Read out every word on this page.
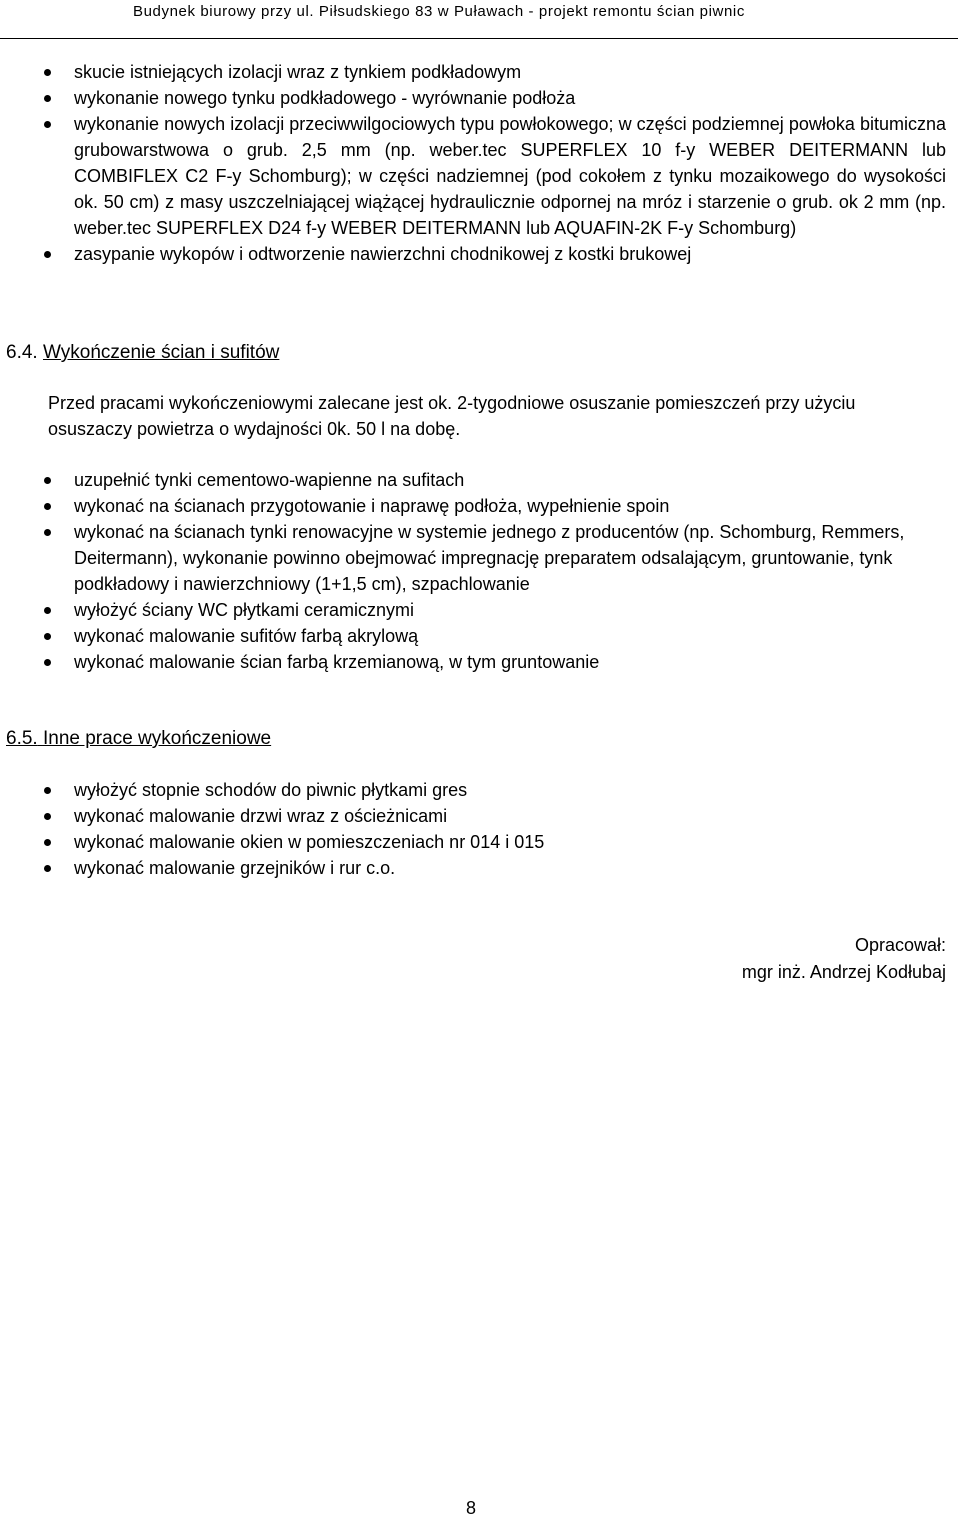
Budynek biurowy przy ul. Piłsudskiego 83 w Puławach - projekt remontu ścian piwnic
skucie istniejących izolacji wraz z tynkiem podkładowym
wykonanie nowego tynku podkładowego - wyrównanie podłoża
wykonanie nowych izolacji przeciwwilgociowych typu powłokowego; w części podziemnej powłoka bitumiczna grubowarstwowa o grub. 2,5 mm (np. weber.tec SUPERFLEX 10 f-y WEBER DEITERMANN lub COMBIFLEX C2 F-y Schomburg); w części nadziemnej (pod cokołem z tynku mozaikowego do wysokości ok. 50 cm) z masy uszczelniającej wiążącej hydraulicznie odpornej na mróz i starzenie o grub. ok 2 mm (np. weber.tec SUPERFLEX D24 f-y WEBER DEITERMANN lub AQUAFIN-2K F-y Schomburg)
zasypanie wykopów i odtworzenie nawierzchni chodnikowej z kostki brukowej
6.4. Wykończenie ścian i sufitów
Przed pracami wykończeniowymi zalecane jest ok. 2-tygodniowe osuszanie pomieszczeń przy użyciu osuszaczy powietrza o wydajności 0k. 50 l na dobę.
uzupełnić tynki cementowo-wapienne na sufitach
wykonać na ścianach przygotowanie i naprawę podłoża, wypełnienie spoin
wykonać na ścianach tynki renowacyjne w systemie jednego z producentów (np. Schomburg, Remmers, Deitermann), wykonanie powinno obejmować impregnację preparatem odsalającym, gruntowanie, tynk podkładowy i nawierzchniowy (1+1,5 cm), szpachlowanie
wyłożyć ściany WC płytkami ceramicznymi
wykonać malowanie sufitów farbą akrylową
wykonać malowanie ścian farbą krzemianową, w tym gruntowanie
6.5. Inne prace wykończeniowe
wyłożyć stopnie schodów do piwnic płytkami gres
wykonać malowanie drzwi wraz z ościeżnicami
wykonać malowanie okien w pomieszczeniach nr 014 i 015
wykonać malowanie grzejników i rur c.o.
Opracował:
mgr inż. Andrzej Kodłubaj
8
